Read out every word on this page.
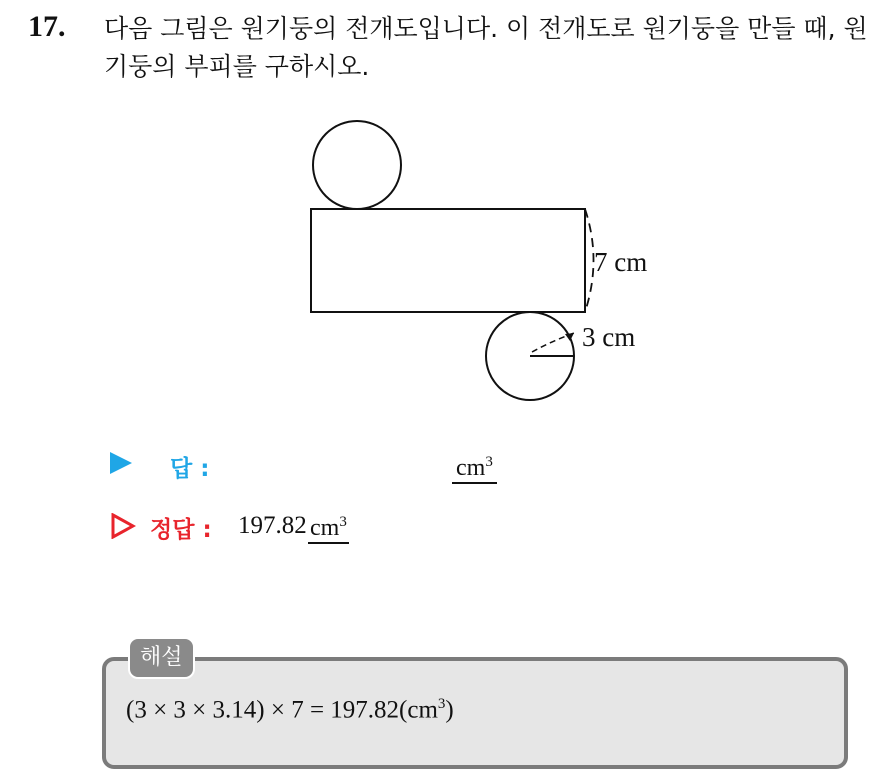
17. 다음 그림은 원기둥의 전개도입니다. 이 전개도로 원기둥을 만들 때, 원기둥의 부피를 구하시오.
7 cm
3 cm
답 :	$cm^3$
정답 : 197.82 $cm^3$
해설
$(3 \times 3 \times 3.14) \times 7 = 197.82(cm^3)$
